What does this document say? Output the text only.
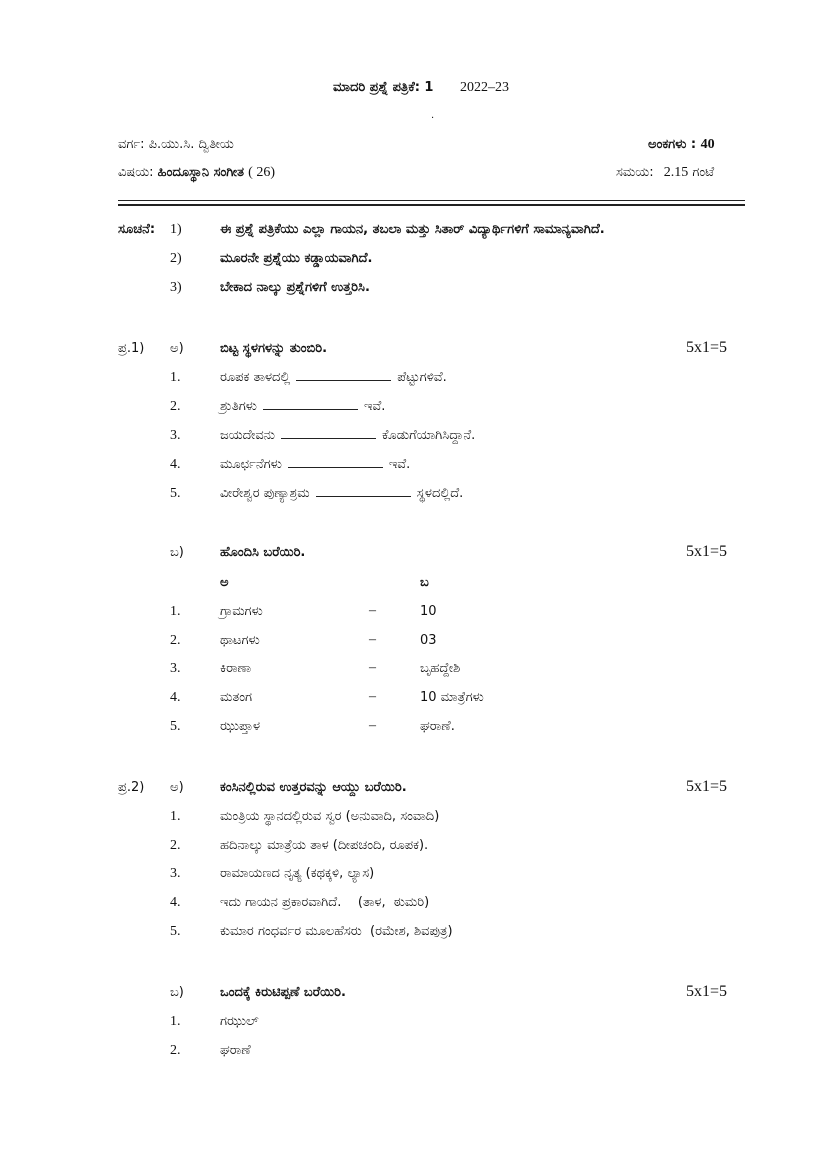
ಮಾದರಿ ಪ್ರಶ್ನೆ ಪತ್ರಿಕೆ: 1 2022–23
.
ವರ್ಗ: ಪಿ.ಯು.ಸಿ. ದ್ವಿತೀಯ	ಅಂಕಗಳು : 40
ವಿಷಯ: ಹಿಂದೂಸ್ಥಾನಿ ಸಂಗೀತ ( 26)	ಸಮಯ: 2.15 ಗಂಟೆ
ಸೂಚನೆ: 1)	ಈ ಪ್ರಶ್ನೆ ಪತ್ರಿಕೆಯು ಎಲ್ಲಾ ಗಾಯನ, ತಬಲಾ ಮತ್ತು ಸಿತಾರ್ ವಿದ್ಯಾರ್ಥಿಗಳಿಗೆ ಸಾಮಾನ್ಯವಾಗಿದೆ.
2)	ಮೂರನೇ ಪ್ರಶ್ನೆಯು ಕಡ್ಡಾಯವಾಗಿದೆ.
3)	ಬೇಕಾದ ನಾಲ್ಕು ಪ್ರಶ್ನೆಗಳಿಗೆ ಉತ್ತರಿಸಿ.
ಪ್ರ.1) ಅ)	ಬಿಟ್ಟ ಸ್ಥಳಗಳನ್ನು ತುಂಬಿರಿ.	5x1=5
1.	ರೂಪಕ ತಾಳದಲ್ಲಿ	ಪೆಟ್ಟುಗಳಿವೆ.
2.	ಶ್ರುತಿಗಳು	ಇವೆ.
3.	ಜಯದೇವನು	ಕೊಡುಗೆಯಾಗಿಸಿದ್ದಾನೆ.
4.	ಮೂರ್ಛನೆಗಳು	ಇವೆ.
5.	ವೀರೇಶ್ವರ ಪುಣ್ಯಾಶ್ರಮ	ಸ್ಥಳದಲ್ಲಿದೆ.
ಬ)	ಹೊಂದಿಸಿ ಬರೆಯಿರಿ.	5x1=5
ಅ	ಬ
1.	ಗ್ರಾಮಗಳು	–	10
2.	ಥಾಟಗಳು	–	03
3.	ಕಿರಾಣಾ	–	ಬೃಹದ್ದೇಶಿ
4.	ಮತಂಗ	–	10 ಮಾತ್ರೆಗಳು
5.	ಝುಪ್ತಾಳ	–	ಘರಾಣೆ.
ಪ್ರ.2) ಅ)	ಕಂಸಿನಲ್ಲಿರುವ ಉತ್ತರವನ್ನು ಆಯ್ದು ಬರೆಯಿರಿ.	5x1=5
1.	ಮಂತ್ರಿಯ ಸ್ಥಾನದಲ್ಲಿರುವ ಸ್ವರ (ಅನುವಾದಿ, ಸಂವಾದಿ)
2.	ಹದಿನಾಲ್ಕು ಮಾತ್ರೆಯ ತಾಳ (ದೀಪಚಂದಿ, ರೂಪಕ).
3.	ರಾಮಾಯಣದ ನೃತ್ಯ (ಕಥಕ್ಕಳಿ, ಲ್ಯಾಸ)
4.	ಇದು ಗಾಯನ ಪ್ರಕಾರವಾಗಿದೆ.    (ತಾಳ,  ಠುಮರಿ)
5.	ಕುಮಾರ ಗಂಧರ್ವರ ಮೂಲಹೆಸರು  (ರಮೇಶ, ಶಿವಪುತ್ರ)
ಬ)	ಒಂದಕ್ಕೆ ಕಿರುಟಿಪ್ಪಣೆ ಬರೆಯಿರಿ.	5x1=5
1.	ಗಝುಲ್
2.	ಘರಾಣೆ
